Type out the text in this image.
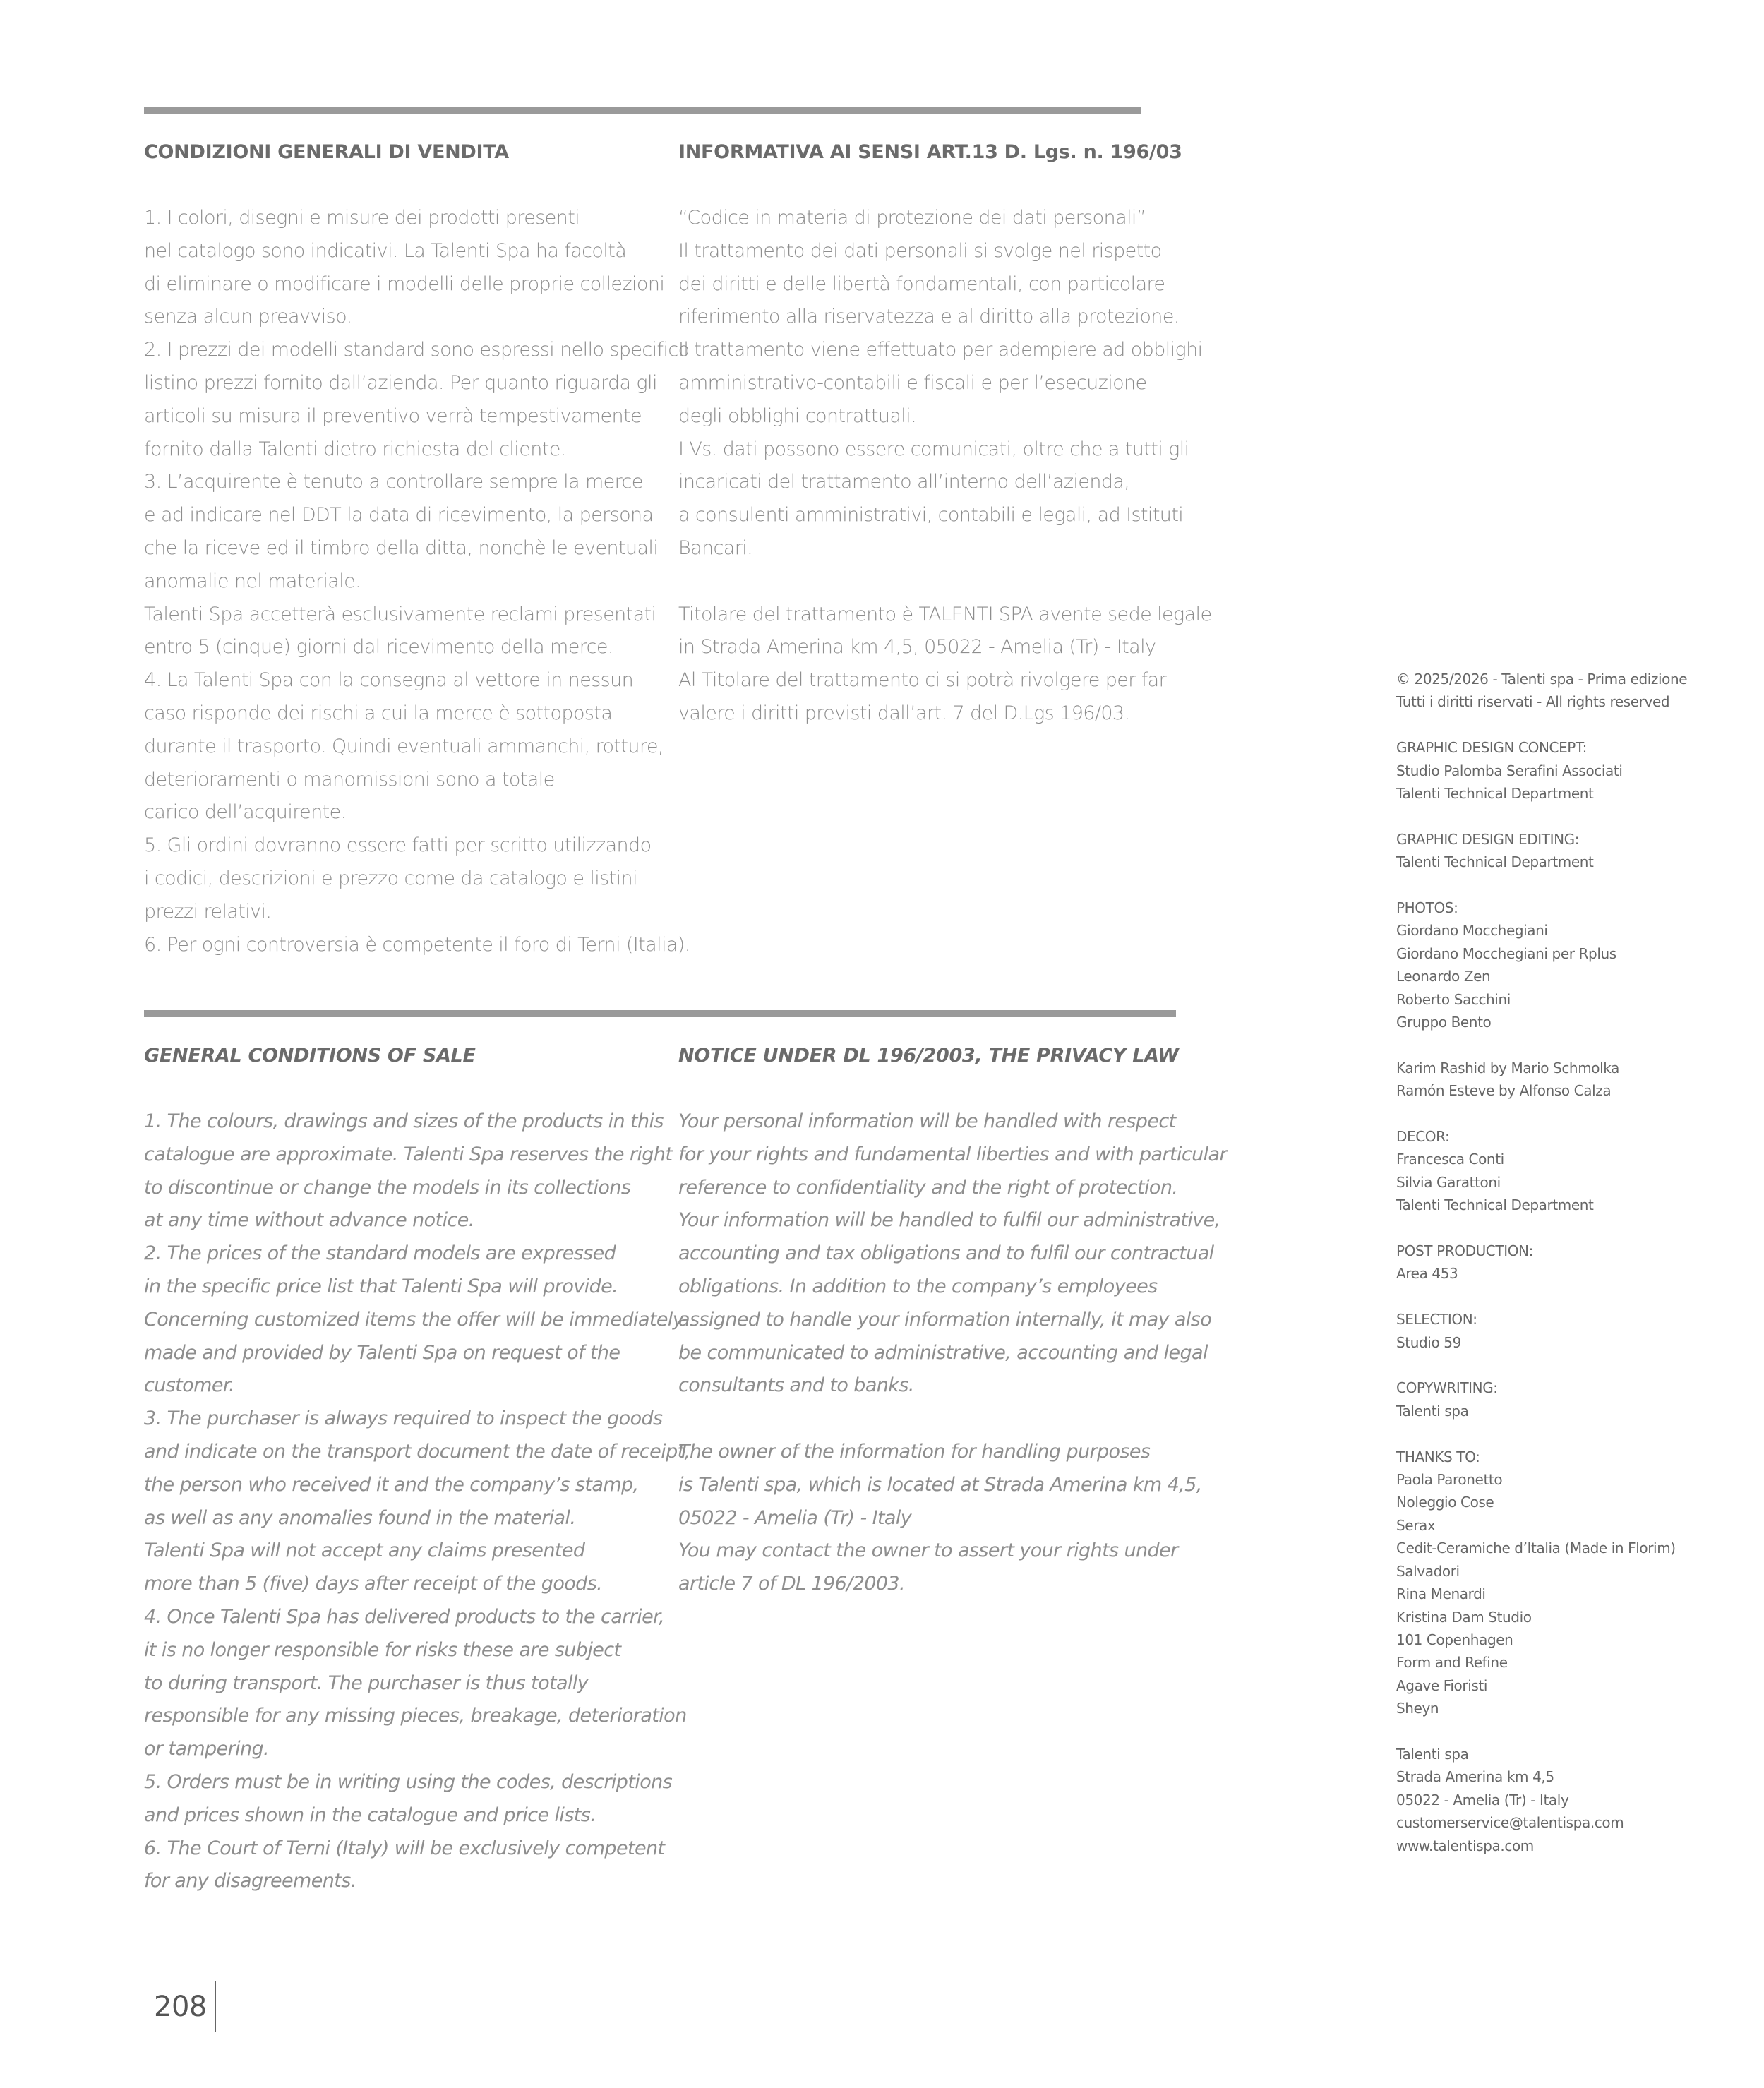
CONDIZIONI GENERALI DI VENDITA
1. I colori, disegni e misure dei prodotti presenti
nel catalogo sono indicativi. La Talenti Spa ha facoltà
di eliminare o modificare i modelli delle proprie collezioni
senza alcun preavviso.
2. I prezzi dei modelli standard sono espressi nello specifico
listino prezzi fornito dall’azienda. Per quanto riguarda gli
articoli su misura il preventivo verrà tempestivamente
fornito dalla Talenti dietro richiesta del cliente.
3. L’acquirente è tenuto a controllare sempre la merce
e ad indicare nel DDT la data di ricevimento, la persona
che la riceve ed il timbro della ditta, nonchè le eventuali
anomalie nel materiale.
Talenti Spa accetterà esclusivamente reclami presentati
entro 5 (cinque) giorni dal ricevimento della merce.
4. La Talenti Spa con la consegna al vettore in nessun
caso risponde dei rischi a cui la merce è sottoposta
durante il trasporto. Quindi eventuali ammanchi, rotture,
deterioramenti o manomissioni sono a totale
carico dell’acquirente.
5. Gli ordini dovranno essere fatti per scritto utilizzando
i codici, descrizioni e prezzo come da catalogo e listini
prezzi relativi.
6. Per ogni controversia è competente il foro di Terni (Italia).
INFORMATIVA AI SENSI ART.13 D. Lgs. n. 196/03
“Codice in materia di protezione dei dati personali”
Il trattamento dei dati personali si svolge nel rispetto
dei diritti e delle libertà fondamentali, con particolare
riferimento alla riservatezza e al diritto alla protezione.
Il trattamento viene effettuato per adempiere ad obblighi
amministrativo-contabili e fiscali e per l’esecuzione
degli obblighi contrattuali.
I Vs. dati possono essere comunicati, oltre che a tutti gli
incaricati del trattamento all’interno dell’azienda,
a consulenti amministrativi, contabili e legali, ad Istituti
Bancari.
Titolare del trattamento è TALENTI SPA avente sede legale
in Strada Amerina km 4,5, 05022 - Amelia (Tr) - Italy
Al Titolare del trattamento ci si potrà rivolgere per far
valere i diritti previsti dall’art. 7 del D.Lgs 196/03.
GENERAL CONDITIONS OF SALE
1. The colours, drawings and sizes of the products in this
catalogue are approximate. Talenti Spa reserves the right
to discontinue or change the models in its collections
at any time without advance notice.
2. The prices of the standard models are expressed
in the specific price list that Talenti Spa will provide.
Concerning customized items the offer will be immediately
made and provided by Talenti Spa on request of the
customer.
3. The purchaser is always required to inspect the goods
and indicate on the transport document the date of receipt,
the person who received it and the company’s stamp,
as well as any anomalies found in the material.
Talenti Spa will not accept any claims presented
more than 5 (five) days after receipt of the goods.
4. Once Talenti Spa has delivered products to the carrier,
it is no longer responsible for risks these are subject
to during transport. The purchaser is thus totally
responsible for any missing pieces, breakage, deterioration
or tampering.
5. Orders must be in writing using the codes, descriptions
and prices shown in the catalogue and price lists.
6. The Court of Terni (Italy) will be exclusively competent
for any disagreements.
NOTICE UNDER DL 196/2003, THE PRIVACY LAW
Your personal information will be handled with respect
for your rights and fundamental liberties and with particular
reference to confidentiality and the right of protection.
Your information will be handled to fulfil our administrative,
accounting and tax obligations and to fulfil our contractual
obligations. In addition to the company’s employees
assigned to handle your information internally, it may also
be communicated to administrative, accounting and legal
consultants and to banks.
The owner of the information for handling purposes
is Talenti spa, which is located at Strada Amerina km 4,5,
05022 - Amelia (Tr) - Italy
You may contact the owner to assert your rights under
article 7 of DL 196/2003.
© 2025/2026 - Talenti spa - Prima edizione
Tutti i diritti riservati - All rights reserved
GRAPHIC DESIGN CONCEPT:
Studio Palomba Serafini Associati
Talenti Technical Department
GRAPHIC DESIGN EDITING:
Talenti Technical Department
PHOTOS:
Giordano Mocchegiani
Giordano Mocchegiani per Rplus
Leonardo Zen
Roberto Sacchini
Gruppo Bento
Karim Rashid by Mario Schmolka
Ramón Esteve by Alfonso Calza
DECOR:
Francesca Conti
Silvia Garattoni
Talenti Technical Department
POST PRODUCTION:
Area 453
SELECTION:
Studio 59
COPYWRITING:
Talenti spa
THANKS TO:
Paola Paronetto
Noleggio Cose
Serax
Cedit-Ceramiche d’Italia (Made in Florim)
Salvadori
Rina Menardi
Kristina Dam Studio
101 Copenhagen
Form and Refine
Agave Fioristi
Sheyn
Talenti spa
Strada Amerina km 4,5
05022 - Amelia (Tr) - Italy
customerservice@talentispa.com
www.talentispa.com
208
